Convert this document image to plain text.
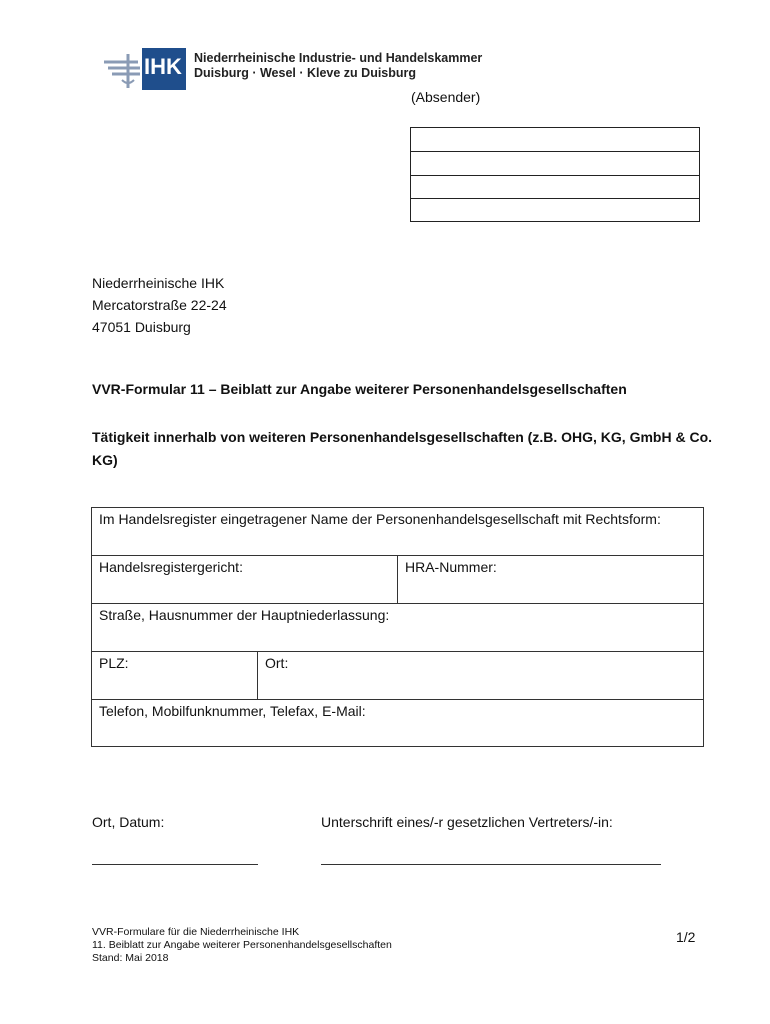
IHK Niederrheinische Industrie- und Handelskammer
Duisburg · Wesel · Kleve zu Duisburg
(Absender)
Niederrheinische IHK
Mercatorstraße 22-24
47051 Duisburg
VVR-Formular 11 – Beiblatt zur Angabe weiterer Personenhandelsgesellschaften
Tätigkeit innerhalb von weiteren Personenhandelsgesellschaften (z.B. OHG, KG, GmbH & Co. KG)
Im Handelsregister eingetragener Name der Personenhandelsgesellschaft mit Rechtsform:
Handelsregistergericht:	HRA-Nummer:
Straße, Hausnummer der Hauptniederlassung:
PLZ:	Ort:
Telefon, Mobilfunknummer, Telefax, E-Mail:
Ort, Datum:	Unterschrift eines/-r gesetzlichen Vertreters/-in:
VVR-Formulare für die Niederrheinische IHK
11. Beiblatt zur Angabe weiterer Personenhandelsgesellschaften
Stand: Mai 2018
1/2
